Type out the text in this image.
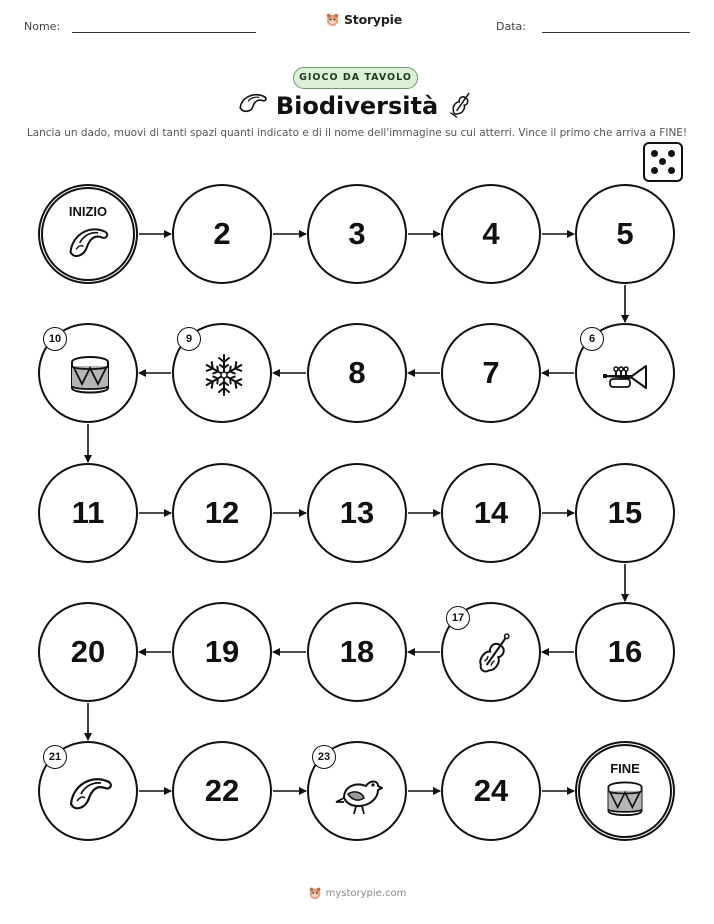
Nome:	Storypie	Data:
GIOCO DA TAVOLO
Biodiversità
Lancia un dado, muovi di tanti spazi quanti indicato e di il nome dell'immagine su cui atterri. Vince il primo che arriva a FINE!
INIZIO
2	3	4	5
6
7
8
9
10
11	12	13	14	15
16
17
18
19
20
21
22
23
24
FINE
mystorypie.com
